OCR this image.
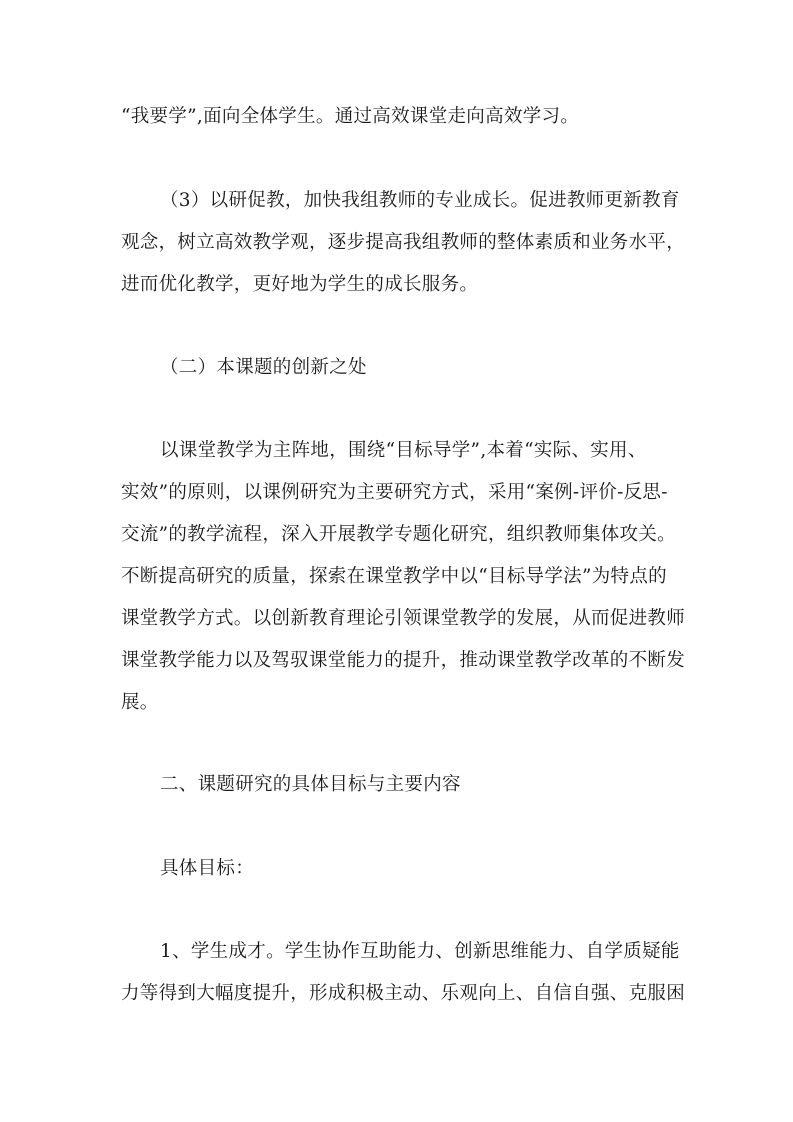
“我要学”,面向全体学生。通过高效课堂走向高效学习。
（3）以研促教，加快我组教师的专业成长。促进教师更新教育
观念，树立高效教学观，逐步提高我组教师的整体素质和业务水平，
进而优化教学，更好地为学生的成长服务。
（二）本课题的创新之处
以课堂教学为主阵地，围绕“目标导学”,本着“实际、实用、
实效”的原则，以课例研究为主要研究方式，采用“案例-评价-反思-
交流”的教学流程，深入开展教学专题化研究，组织教师集体攻关。
不断提高研究的质量，探索在课堂教学中以“目标导学法”为特点的
课堂教学方式。以创新教育理论引领课堂教学的发展，从而促进教师
课堂教学能力以及驾驭课堂能力的提升，推动课堂教学改革的不断发
展。
二、课题研究的具体目标与主要内容
具体目标：
1、学生成才。学生协作互助能力、创新思维能力、自学质疑能
力等得到大幅度提升，形成积极主动、乐观向上、自信自强、克服困
